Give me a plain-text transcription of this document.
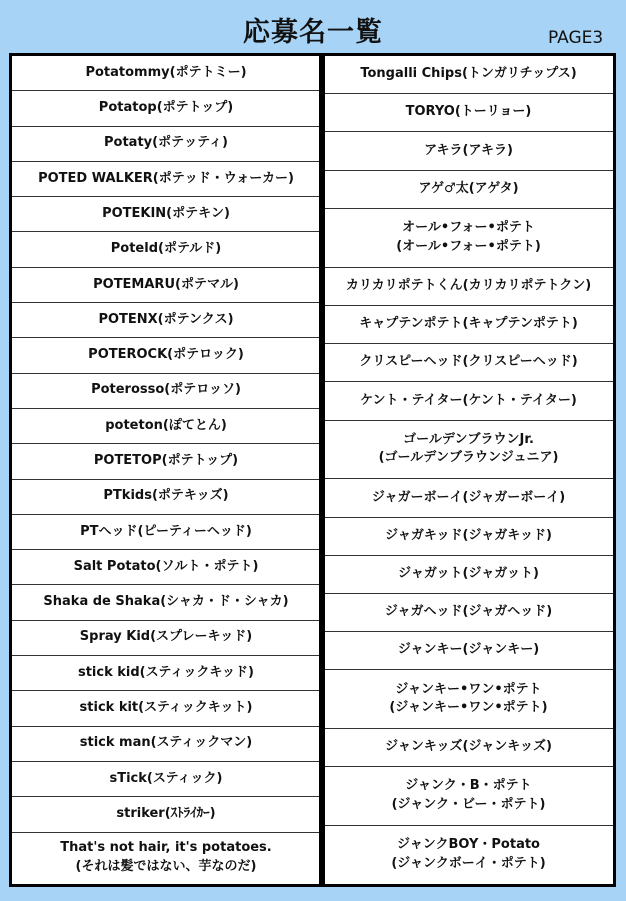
応募名一覧	PAGE3
Potatommy(ポテトミー)
Potatop(ポテトップ)
Potaty(ポテッティ)
POTED WALKER(ポテッド・ウォーカー)
POTEKIN(ポテキン)
Poteld(ポテルド)
POTEMARU(ポテマル)
POTENX(ポテンクス)
POTEROCK(ポテロック)
Poterosso(ポテロッソ)
poteton(ぽてとん)
POTETOP(ポテトップ)
PTkids(ポテキッズ)
PTヘッド(ピーティーヘッド)
Salt Potato(ソルト・ポテト)
Shaka de Shaka(シャカ・ド・シャカ)
Spray Kid(スプレーキッド)
stick kid(スティックキッド)
stick kit(スティックキット)
stick man(スティックマン)
sTick(スティック)
striker(ｽﾄﾗｲｶｰ)
That's not hair, it's potatoes.
(それは髪ではない、芋なのだ)
Tongalli Chips(トンガリチップス)
TORYO(トーリョー)
アキラ(アキラ)
アゲ♂太(アゲタ)
オール•フォー•ポテト
(オール•フォー•ポテト)
カリカリポテトくん(カリカリポテトクン)
キャプテンポテト(キャプテンポテト)
クリスピーヘッド(クリスピーヘッド)
ケント・テイター(ケント・テイター)
ゴールデンブラウンJr.
(ゴールデンブラウンジュニア)
ジャガーボーイ(ジャガーボーイ)
ジャガキッド(ジャガキッド)
ジャガット(ジャガット)
ジャガヘッド(ジャガヘッド)
ジャンキー(ジャンキー)
ジャンキー•ワン•ポテト
(ジャンキー•ワン•ポテト)
ジャンキッズ(ジャンキッズ)
ジャンク・B・ポテト
(ジャンク・ビー・ポテト)
ジャンクBOY・Potato
(ジャンクボーイ・ポテト)
